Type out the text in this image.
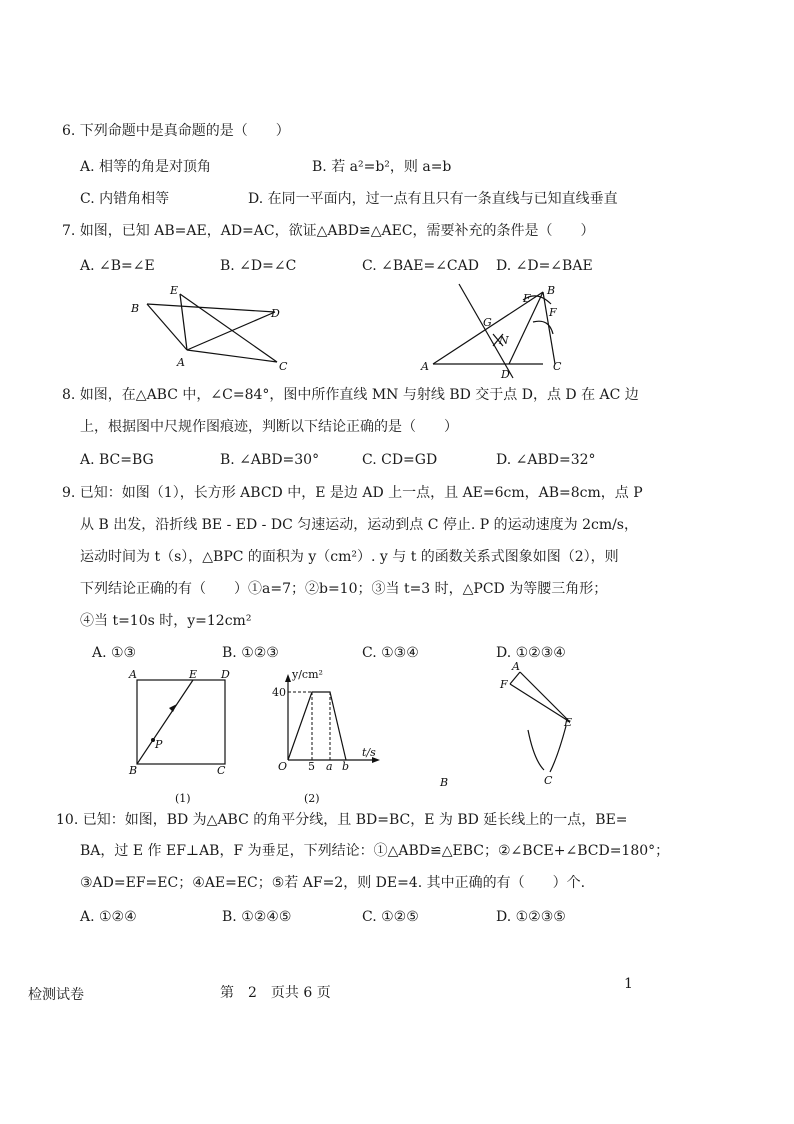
6. 下列命题中是真命题的是（　　）
A. 相等的角是对顶角	B. 若 a²=b²，则 a=b
C. 内错角相等	D. 在同一平面内，过一点有且只有一条直线与已知直线垂直
7. 如图，已知 AB=AE，AD=AC，欲证△ABD≌△AEC，需要补充的条件是（　　）
A. ∠B=∠E	B. ∠D=∠C	C. ∠BAE=∠CAD D. ∠D=∠BAE
B
E
D
A	C
B
E
F
G
N
A
D
C
8. 如图，在△ABC 中，∠C=84°，图中所作直线 MN 与射线 BD 交于点 D，点 D 在 AC 边
上，根据图中尺规作图痕迹，判断以下结论正确的是（　　）
A. BC=BG	B. ∠ABD=30°	C. CD=GD	D. ∠ABD=32°
9. 已知：如图（1），长方形 ABCD 中，E 是边 AD 上一点，且 AE=6cm，AB=8cm，点 P
从 B 出发，沿折线 BE - ED - DC 匀速运动，运动到点 C 停止. P 的运动速度为 2cm/s，
运动时间为 t（s），△BPC 的面积为 y（cm²）. y 与 t 的函数关系式图象如图（2），则
下列结论正确的有（　　）①a=7；②b=10；③当 t=3 时，△PCD 为等腰三角形；
④当 t=10s 时，y=12cm²
A. ①③	B. ①②③	C. ①③④	D. ①②③④
A	E D
P
B	C
(1)
y/cm²
40
O 5 a b
t/s
(2)
A
F
E
C
B
10. 已知：如图，BD 为△ABC 的角平分线，且 BD=BC，E 为 BD 延长线上的一点，BE=
BA，过 E 作 EF⊥AB，F 为垂足，下列结论：①△ABD≌△EBC；②∠BCE+∠BCD=180°；
③AD=EF=EC；④AE=EC；⑤若 AF=2，则 DE=4. 其中正确的有（　　）个.
A. ①②④	B. ①②④⑤	C. ①②⑤	D. ①②③⑤
检测试卷	第　2　页共 6 页
1
